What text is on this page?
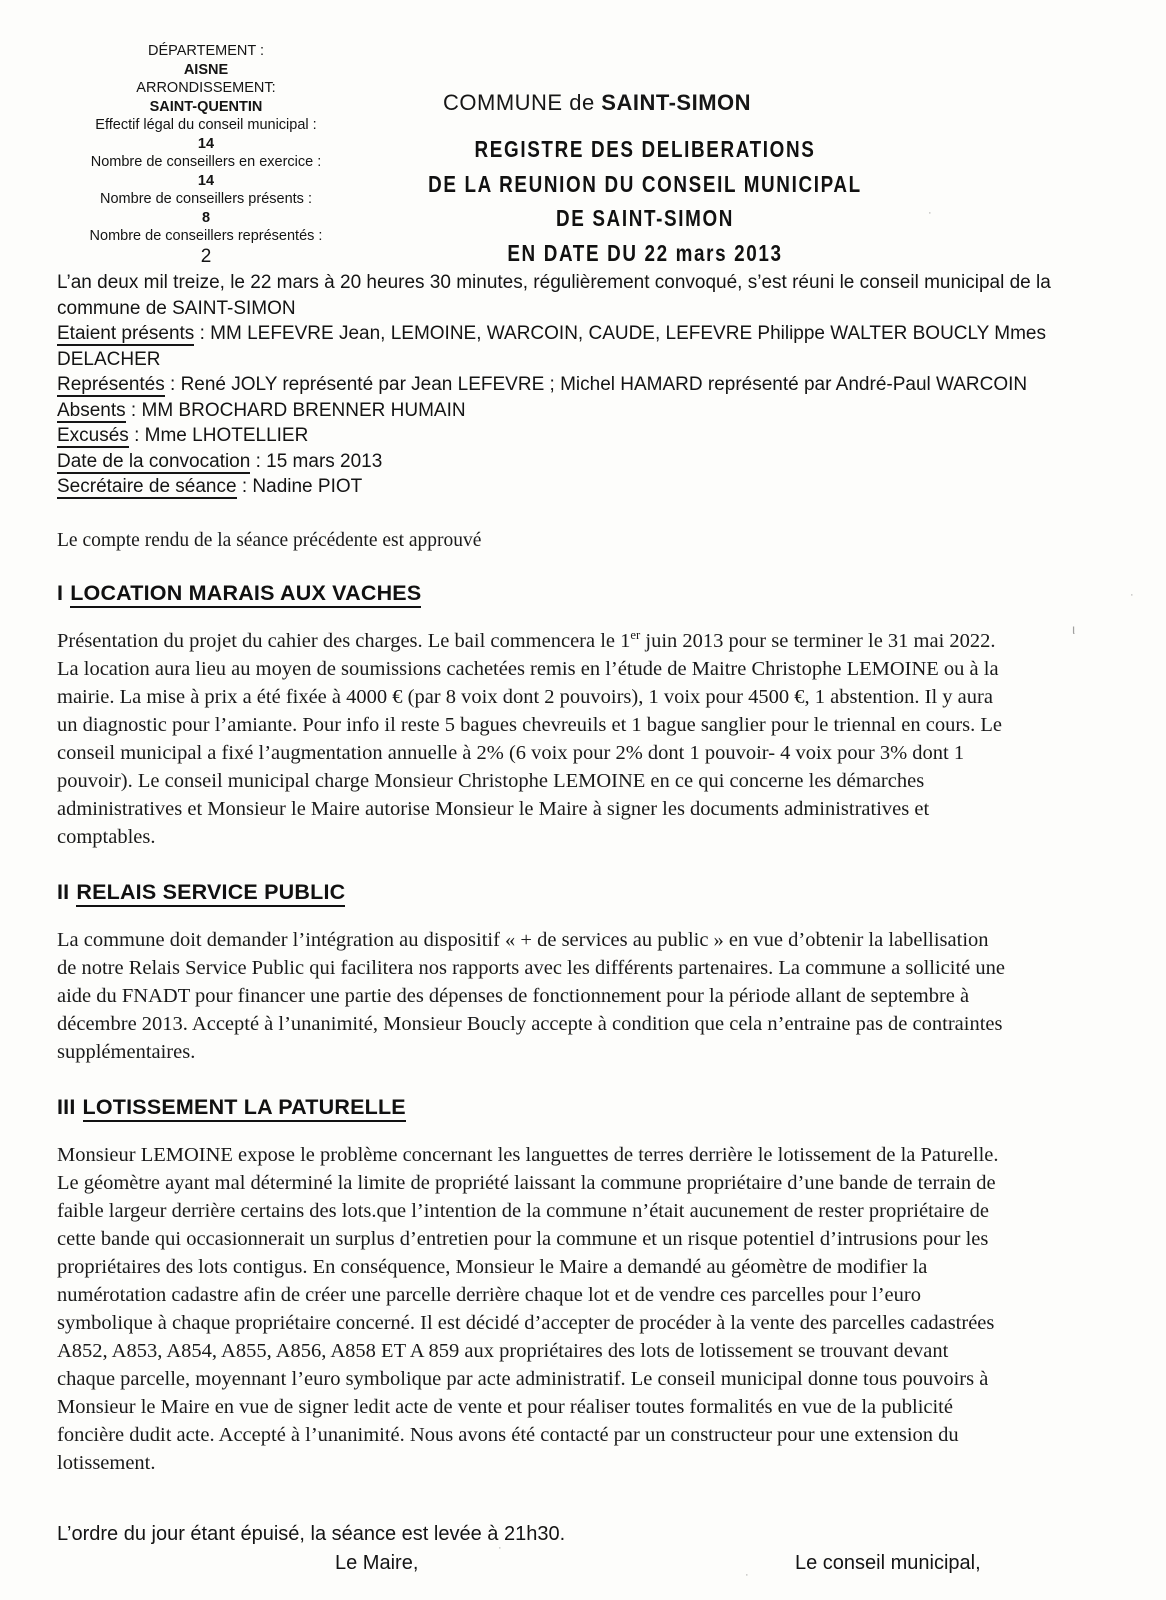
DÉPARTEMENT :
AISNE
ARRONDISSEMENT:
SAINT-QUENTIN
Effectif légal du conseil municipal :
14
Nombre de conseillers en exercice :
14
Nombre de conseillers présents :
8
Nombre de conseillers représentés :
2
COMMUNE de SAINT-SIMON
REGISTRE DES DELIBERATIONS
DE LA REUNION DU CONSEIL MUNICIPAL
DE SAINT-SIMON
EN DATE DU 22 mars 2013

L’an deux mil treize, le 22 mars à 20 heures 30 minutes, régulièrement convoqué, s’est réuni le conseil municipal de la commune de SAINT-SIMON

Etaient présents : MM LEFEVRE Jean, LEMOINE, WARCOIN, CAUDE, LEFEVRE Philippe WALTER BOUCLY Mmes DELACHER

Représentés : René JOLY représenté par Jean LEFEVRE ; Michel HAMARD représenté par André-Paul WARCOIN

Absents : MM BROCHARD BRENNER HUMAIN

Excusés : Mme LHOTELLIER

Date de la convocation : 15 mars 2013

Secrétaire de séance : Nadine PIOT

Le compte rendu de la séance précédente est approuvé

I LOCATION MARAIS AUX VACHES

Présentation du projet du cahier des charges. Le bail commencera le 1er juin 2013 pour se terminer le 31 mai 2022. La location aura lieu au moyen de soumissions cachetées remis en l’étude de Maitre Christophe LEMOINE ou à la mairie. La mise à prix a été fixée à 4000 € (par 8 voix dont 2 pouvoirs), 1 voix pour 4500 €, 1 abstention. Il y aura un diagnostic pour l’amiante. Pour info il reste 5 bagues chevreuils et 1 bague sanglier pour le triennal en cours. Le conseil municipal a fixé l’augmentation annuelle à 2% (6 voix pour 2% dont 1 pouvoir- 4 voix pour 3% dont 1 pouvoir). Le conseil municipal charge Monsieur Christophe LEMOINE en ce qui concerne les démarches administratives et Monsieur le Maire autorise Monsieur le Maire à signer les documents administratives et comptables.

II RELAIS SERVICE PUBLIC

La commune doit demander l’intégration au dispositif « + de services au public » en vue d’obtenir la labellisation de notre Relais Service Public qui facilitera nos rapports avec les différents partenaires. La commune a sollicité une aide du FNADT pour financer une partie des dépenses de fonctionnement pour la période allant de septembre à décembre 2013. Accepté à l’unanimité, Monsieur Boucly accepte à condition que cela n’entraine pas de contraintes supplémentaires.

III LOTISSEMENT LA PATURELLE

Monsieur LEMOINE expose le problème concernant les languettes de terres derrière le lotissement de la Paturelle. Le géomètre ayant mal déterminé la limite de propriété laissant la commune propriétaire d’une bande de terrain de faible largeur derrière certains des lots.que l’intention de la commune n’était aucunement de rester propriétaire de cette bande qui occasionnerait un surplus d’entretien pour la commune et un risque potentiel d’intrusions pour les propriétaires des lots contigus. En conséquence, Monsieur le Maire a demandé au géomètre de modifier la numérotation cadastre afin de créer une parcelle derrière chaque lot et de vendre ces parcelles pour l’euro symbolique à chaque propriétaire concerné. Il est décidé d’accepter de procéder à la vente des parcelles cadastrées A852, A853, A854, A855, A856, A858 ET A 859 aux propriétaires des lots de lotissement se trouvant devant chaque parcelle, moyennant l’euro symbolique par acte administratif. Le conseil municipal donne tous pouvoirs à Monsieur le Maire en vue de signer ledit acte de vente et pour réaliser toutes formalités en vue de la publicité foncière dudit acte. Accepté à l’unanimité. Nous avons été contacté par un constructeur pour une extension du lotissement.

L’ordre du jour étant épuisé, la séance est levée à 21h30.

Le Maire,	Le conseil municipal,
·
ι
·
·
·
